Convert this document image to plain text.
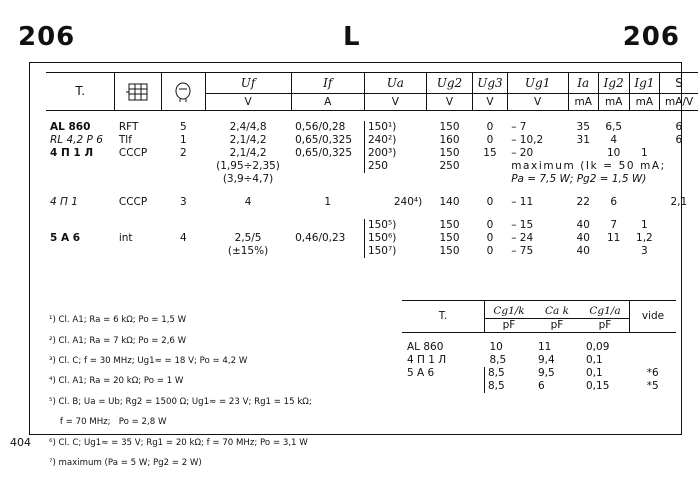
206	L	206
T.			Uf	If	Ua	Ug2	Ug3	Ug1	Ia	Ig2	Ig1	S
			V	A	V	V	V	V	mA	mA	mA	mA/V

AL 860	RFT	5	2,4/4,8	0,56/0,28	150¹)	150	0	– 7	35	6,5		6
RL 4,2 P 6	Tlf	1	2,1/4,2	0,65/0,325	240²)	160	0	– 10,2	31	4		6
4 П 1 Л	CCCP	2	2,1/4,2	0,65/0,325	200³)	150	15	– 20		10	1	
			(1,95÷2,35)		250	250		maximum (Ik = 50 mA;				
			(3,9÷4,7)					Pa = 7,5 W; Pg2 = 1,5 W)				

4 П 1	CCCP	3	4	1	240⁴)	140	0	– 11	22	6		2,1

					150⁵)	150	0	– 15	40	7	1	
5 A 6	int	4	2,5/5	0,46/0,23	150⁶)	150	0	– 24	40	11	1,2	
			(±15%)		150⁷)	150	0	– 75	40		3	

¹) Cl. A1; Ra = 6 kΩ; Po = 1,5 W

²) Cl. A1; Ra = 7 kΩ; Po = 2,6 W

³) Cl. C; f = 30 MHz; Ug1≈ = 18 V; Po = 4,2 W

⁴) Cl. A1; Ra = 20 kΩ; Po = 1 W

⁵) Cl. B; Ua = Ub; Rg2 = 1500 Ω; Ug1≈ = 23 V; Rg1 = 15 kΩ;

f = 70 MHz;   Po = 2,8 W

⁶) Cl. C; Ug1≈ = 35 V; Rg1 = 20 kΩ; f = 70 MHz; Po = 3,1 W

⁷) maximum (Pa = 5 W; Pg2 = 2 W)

T.	Cg1/k	Ca k	Cg1/a	vide
	pF	pF	pF	

AL 860	10	11	0,09	
4 П 1 Л	8,5	9,4	0,1	
5 A 6	8,5	9,5	0,1	*6
	8,5	6	0,15	*5
404
